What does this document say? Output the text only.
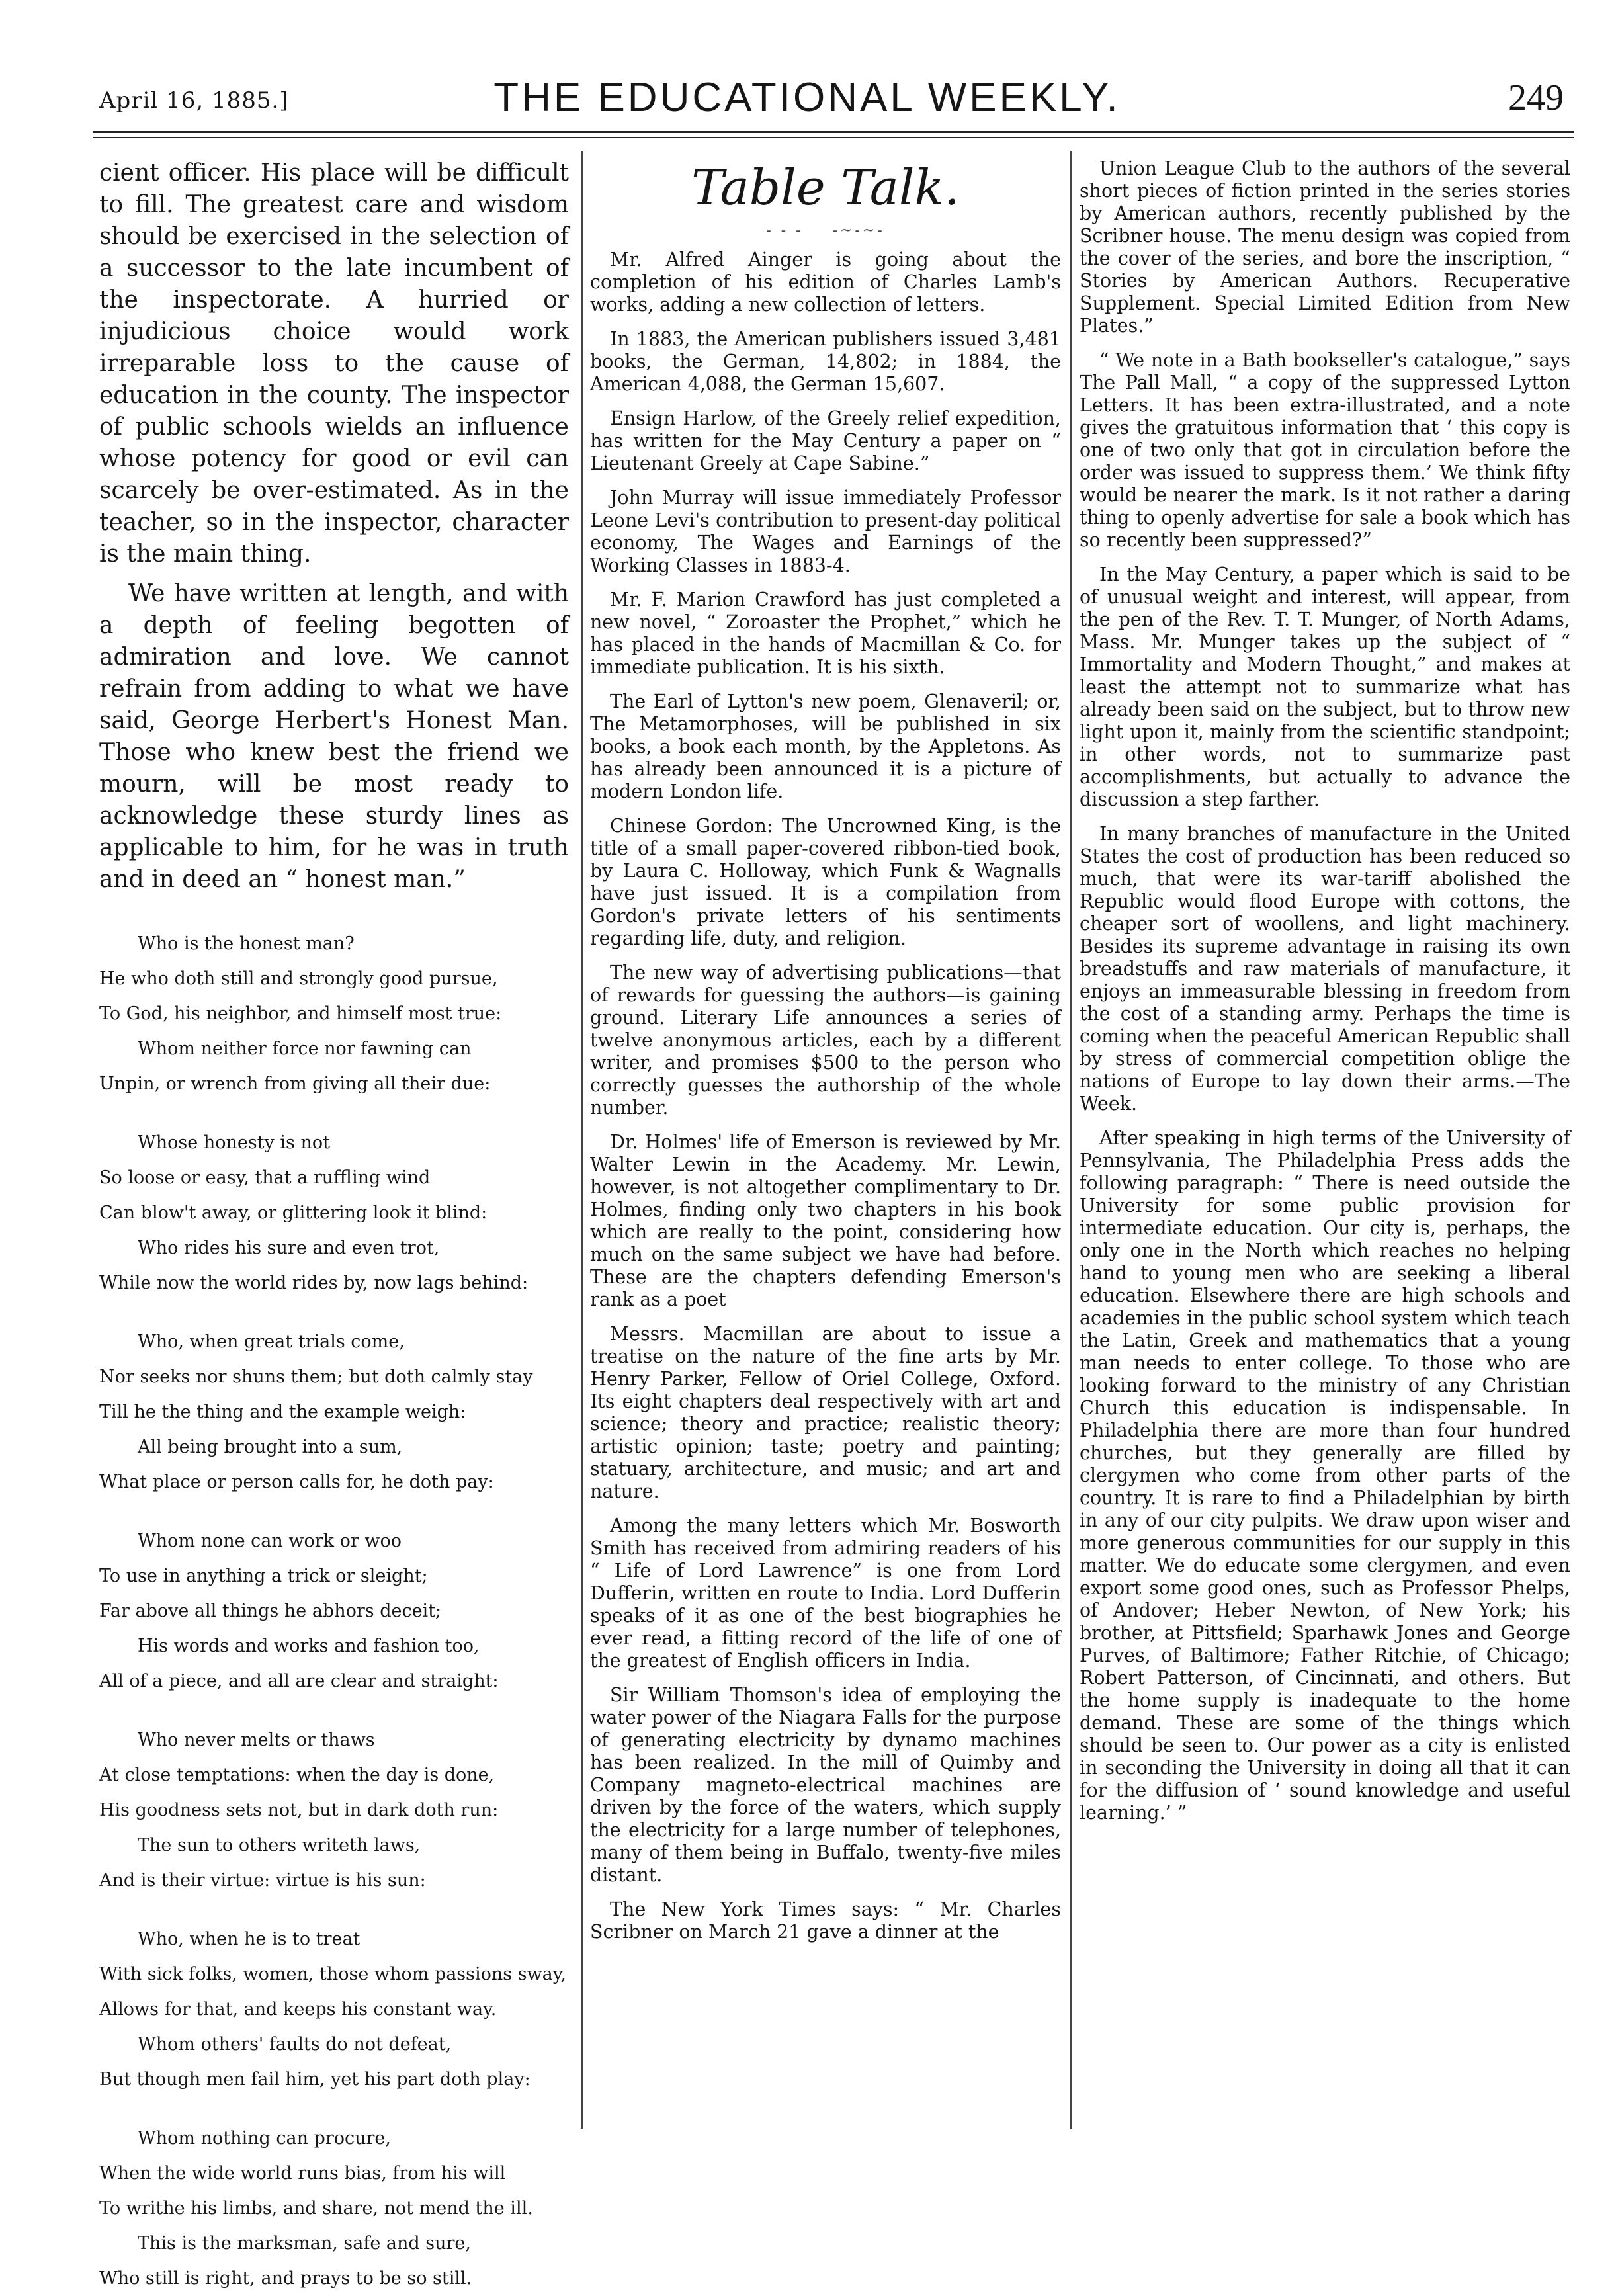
April 16, 1885.]	THE EDUCATIONAL WEEKLY.	249

cient officer. His place will be difficult to fill. The greatest care and wisdom should be exercised in the selection of a successor to the late incumbent of the inspectorate. A hurried or injudicious choice would work irreparable loss to the cause of education in the county. The inspector of public schools wields an influence whose potency for good or evil can scarcely be over-estimated. As in the teacher, so in the inspector, character is the main thing.

We have written at length, and with a depth of feeling begotten of admiration and love. We cannot refrain from adding to what we have said, George Herbert's Honest Man. Those who knew best the friend we mourn, will be most ready to acknowledge these sturdy lines as applicable to him, for he was in truth and in deed an “ honest man.”

Who is the honest man?
He who doth still and strongly good pursue,
To God, his neighbor, and himself most true:
Whom neither force nor fawning can
Unpin, or wrench from giving all their due:
Whose honesty is not
So loose or easy, that a ruffling wind
Can blow't away, or glittering look it blind:
Who rides his sure and even trot,
While now the world rides by, now lags behind:
Who, when great trials come,
Nor seeks nor shuns them; but doth calmly stay
Till he the thing and the example weigh:
All being brought into a sum,
What place or person calls for, he doth pay:
Whom none can work or woo
To use in anything a trick or sleight;
Far above all things he abhors deceit;
His words and works and fashion too,
All of a piece, and all are clear and straight:
Who never melts or thaws
At close temptations: when the day is done,
His goodness sets not, but in dark doth run:
The sun to others writeth laws,
And is their virtue: virtue is his sun:
Who, when he is to treat
With sick folks, women, those whom passions sway,
Allows for that, and keeps his constant way.
Whom others' faults do not defeat,
But though men fail him, yet his part doth play:
Whom nothing can procure,
When the wide world runs bias, from his will
To writhe his limbs, and share, not mend the ill.
This is the marksman, safe and sure,
Who still is right, and prays to be so still.
Table Talk.
- - -    -~-~-

Mr. Alfred Ainger is going about the completion of his edition of Charles Lamb's works, adding a new collection of letters.

In 1883, the American publishers issued 3,481 books, the German, 14,802; in 1884, the American 4,088, the German 15,607.

Ensign Harlow, of the Greely relief expedition, has written for the May Century a paper on “ Lieutenant Greely at Cape Sabine.”

John Murray will issue immediately Professor Leone Levi's contribution to present-day political economy, The Wages and Earnings of the Working Classes in 1883-4.

Mr. F. Marion Crawford has just completed a new novel, “ Zoroaster the Prophet,” which he has placed in the hands of Macmillan & Co. for immediate publication. It is his sixth.

The Earl of Lytton's new poem, Glenaveril; or, The Metamorphoses, will be published in six books, a book each month, by the Appletons. As has already been announced it is a picture of modern London life.

Chinese Gordon: The Uncrowned King, is the title of a small paper-covered ribbon-tied book, by Laura C. Holloway, which Funk & Wagnalls have just issued. It is a compilation from Gordon's private letters of his sentiments regarding life, duty, and religion.

The new way of advertising publications—that of rewards for guessing the authors—is gaining ground. Literary Life announces a series of twelve anonymous articles, each by a different writer, and promises $500 to the person who correctly guesses the authorship of the whole number.

Dr. Holmes' life of Emerson is reviewed by Mr. Walter Lewin in the Academy. Mr. Lewin, however, is not altogether complimentary to Dr. Holmes, finding only two chapters in his book which are really to the point, considering how much on the same subject we have had before. These are the chapters defending Emerson's rank as a poet

Messrs. Macmillan are about to issue a treatise on the nature of the fine arts by Mr. Henry Parker, Fellow of Oriel College, Oxford. Its eight chapters deal respectively with art and science; theory and practice; realistic theory; artistic opinion; taste; poetry and painting; statuary, architecture, and music; and art and nature.

Among the many letters which Mr. Bosworth Smith has received from admiring readers of his “ Life of Lord Lawrence” is one from Lord Dufferin, written en route to India. Lord Dufferin speaks of it as one of the best biographies he ever read, a fitting record of the life of one of the greatest of English officers in India.

Sir William Thomson's idea of employing the water power of the Niagara Falls for the purpose of generating electricity by dynamo machines has been realized. In the mill of Quimby and Company magneto-electrical machines are driven by the force of the waters, which supply the electricity for a large number of telephones, many of them being in Buffalo, twenty-five miles distant.

The New York Times says: “ Mr. Charles Scribner on March 21 gave a dinner at the

Union League Club to the authors of the several short pieces of fiction printed in the series stories by American authors, recently published by the Scribner house. The menu design was copied from the cover of the series, and bore the inscription, “ Stories by American Authors. Recuperative Supplement. Special Limited Edition from New Plates.”

“ We note in a Bath bookseller's catalogue,” says The Pall Mall, “ a copy of the suppressed Lytton Letters. It has been extra-illustrated, and a note gives the gratuitous information that ‘ this copy is one of two only that got in circulation before the order was issued to suppress them.’ We think fifty would be nearer the mark. Is it not rather a daring thing to openly advertise for sale a book which has so recently been suppressed?”

In the May Century, a paper which is said to be of unusual weight and interest, will appear, from the pen of the Rev. T. T. Munger, of North Adams, Mass. Mr. Munger takes up the subject of “ Immortality and Modern Thought,” and makes at least the attempt not to summarize what has already been said on the subject, but to throw new light upon it, mainly from the scientific standpoint; in other words, not to summarize past accomplishments, but actually to advance the discussion a step farther.

In many branches of manufacture in the United States the cost of production has been reduced so much, that were its war-tariff abolished the Republic would flood Europe with cottons, the cheaper sort of woollens, and light machinery. Besides its supreme advantage in raising its own breadstuffs and raw materials of manufacture, it enjoys an immeasurable blessing in freedom from the cost of a standing army. Perhaps the time is coming when the peaceful American Republic shall by stress of commercial competition oblige the nations of Europe to lay down their arms.—The Week.

After speaking in high terms of the University of Pennsylvania, The Philadelphia Press adds the following paragraph: “ There is need outside the University for some public provision for intermediate education. Our city is, perhaps, the only one in the North which reaches no helping hand to young men who are seeking a liberal education. Elsewhere there are high schools and academies in the public school system which teach the Latin, Greek and mathematics that a young man needs to enter college. To those who are looking forward to the ministry of any Christian Church this education is indispensable. In Philadelphia there are more than four hundred churches, but they generally are filled by clergymen who come from other parts of the country. It is rare to find a Philadelphian by birth in any of our city pulpits. We draw upon wiser and more generous communities for our supply in this matter. We do educate some clergymen, and even export some good ones, such as Professor Phelps, of Andover; Heber Newton, of New York; his brother, at Pittsfield; Sparhawk Jones and George Purves, of Baltimore; Father Ritchie, of Chicago; Robert Patterson, of Cincinnati, and others. But the home supply is inadequate to the home demand. These are some of the things which should be seen to. Our power as a city is enlisted in seconding the University in doing all that it can for the diffusion of ‘ sound knowledge and useful learning.’ ”
